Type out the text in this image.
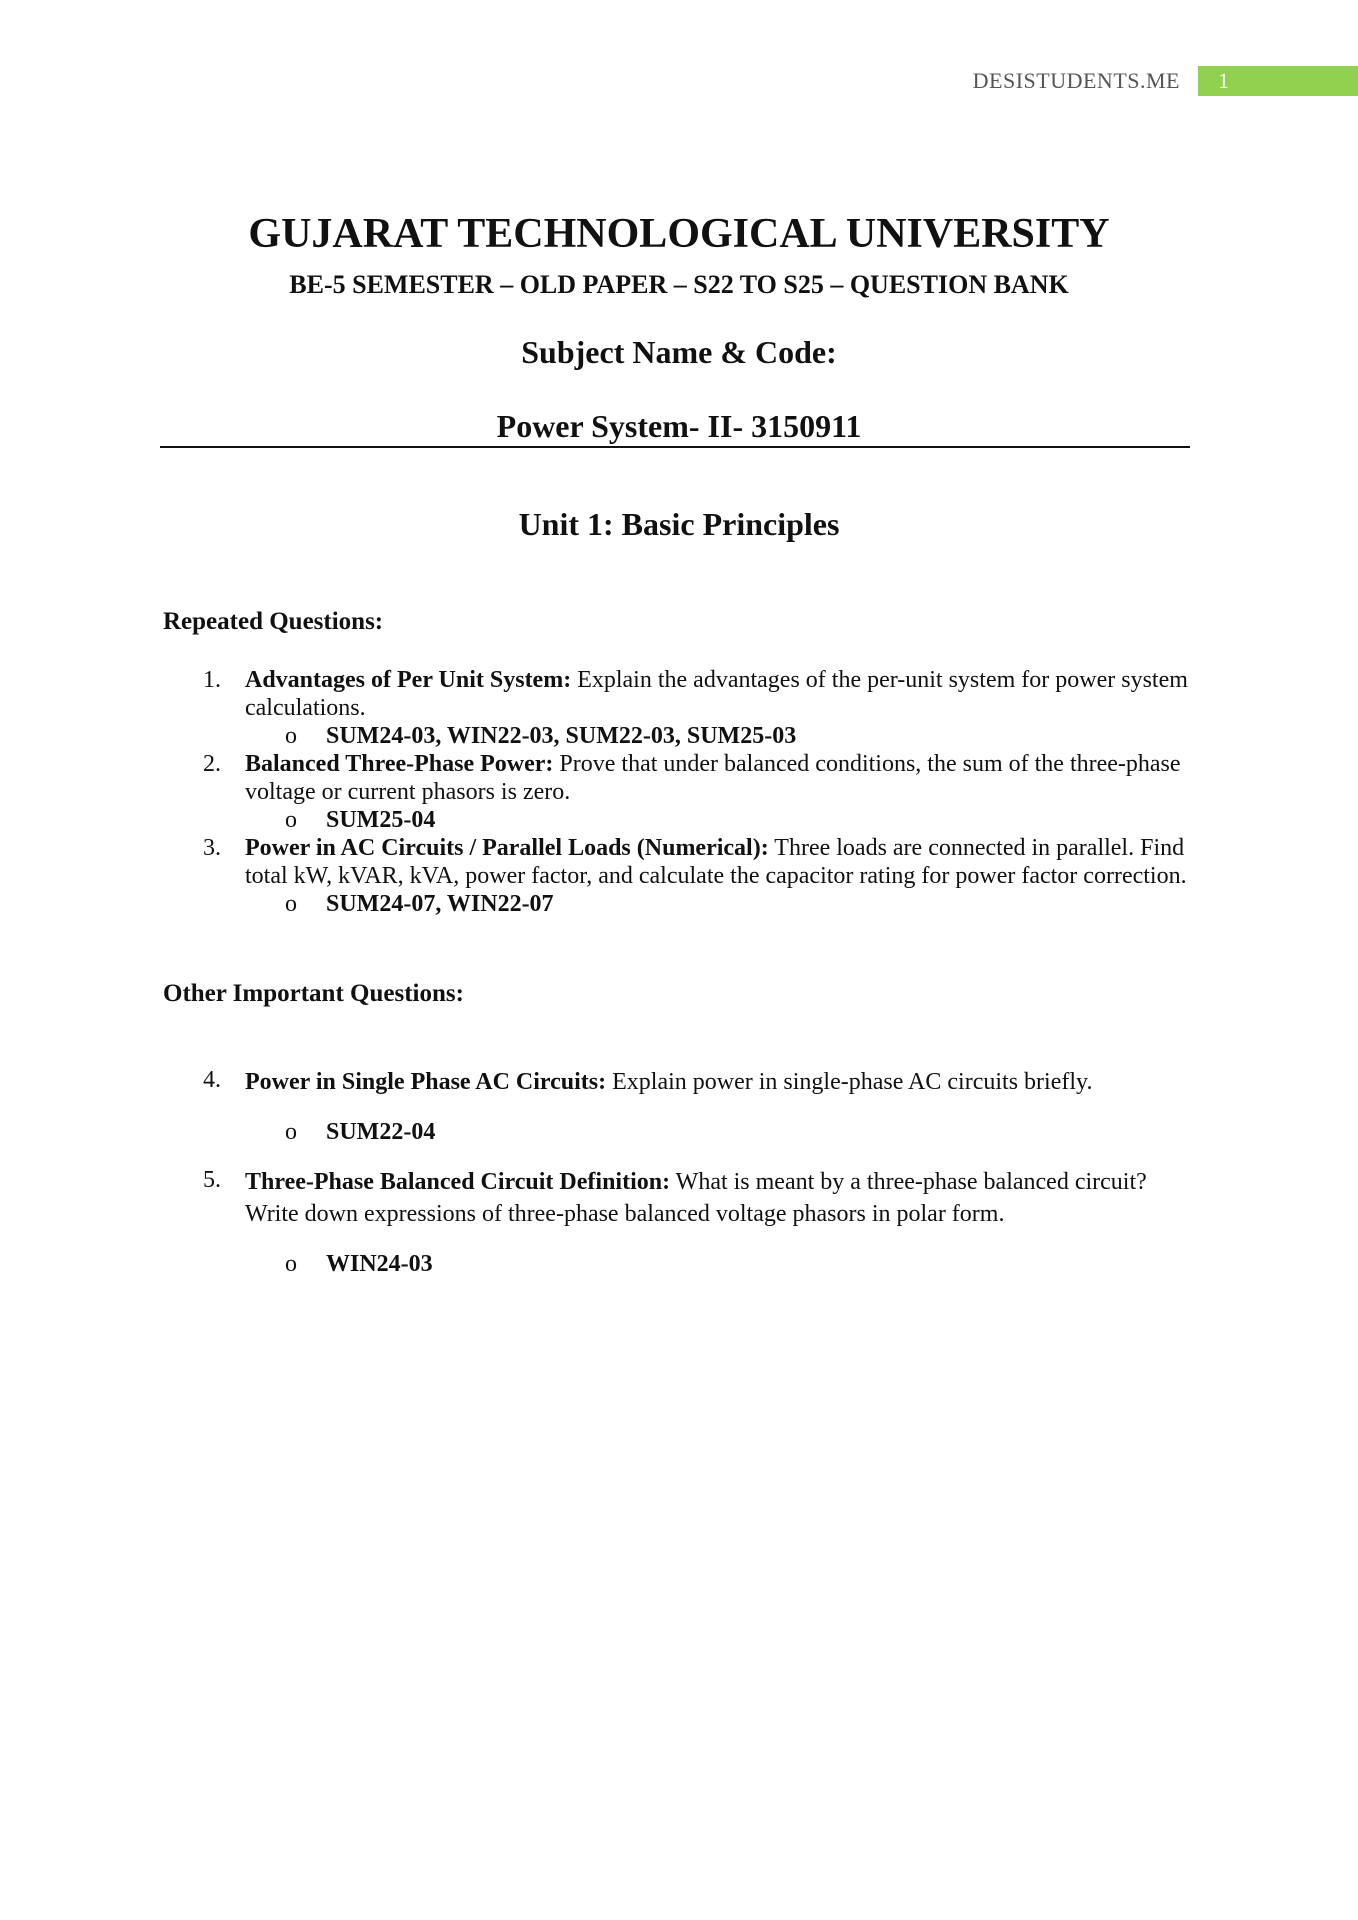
DESISTUDENTS.ME	1
GUJARAT TECHNOLOGICAL UNIVERSITY
BE-5 SEMESTER – OLD PAPER – S22 TO S25 – QUESTION BANK
Subject Name & Code:
Power System- II- 3150911
Unit 1: Basic Principles
Repeated Questions:
1. Advantages of Per Unit System: Explain the advantages of the per-unit system for power system calculations.
o SUM24-03, WIN22-03, SUM22-03, SUM25-03
2. Balanced Three-Phase Power: Prove that under balanced conditions, the sum of the three-phase voltage or current phasors is zero.
o SUM25-04
3. Power in AC Circuits / Parallel Loads (Numerical): Three loads are connected in parallel. Find total kW, kVAR, kVA, power factor, and calculate the capacitor rating for power factor correction.
o SUM24-07, WIN22-07
Other Important Questions:
4. Power in Single Phase AC Circuits: Explain power in single-phase AC circuits briefly.
o SUM22-04
5. Three-Phase Balanced Circuit Definition: What is meant by a three-phase balanced circuit? Write down expressions of three-phase balanced voltage phasors in polar form.
o WIN24-03
